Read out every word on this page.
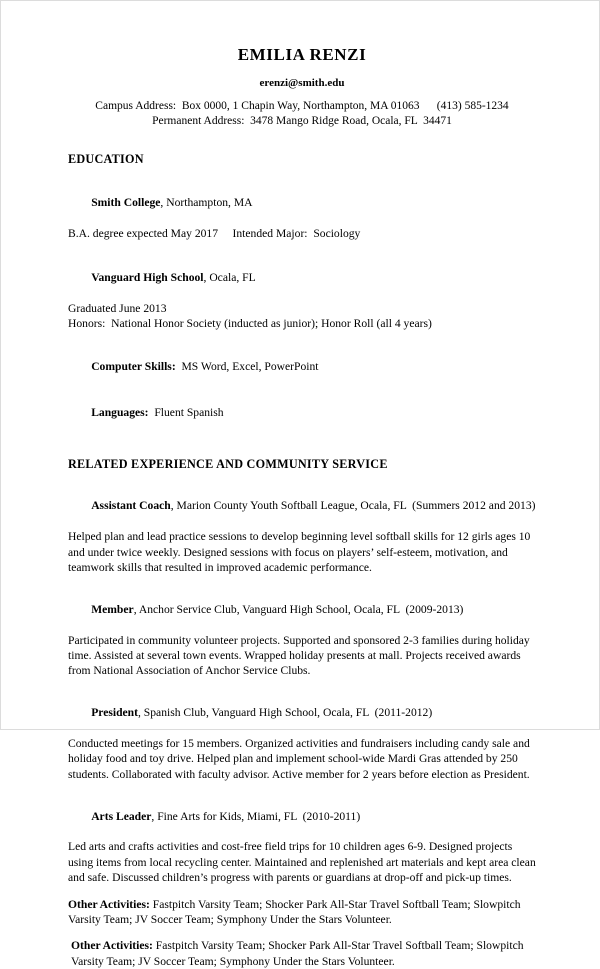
EMILIA RENZI
erenzi@smith.edu
Campus Address:  Box 0000, 1 Chapin Way, Northampton, MA 01063      (413) 585-1234
Permanent Address:  3478 Mango Ridge Road, Ocala, FL  34471
EDUCATION

Smith College, Northampton, MA

B.A. degree expected May 2017     Intended Major:  Sociology

Vanguard High School, Ocala, FL

Graduated June 2013
Honors:  National Honor Society (inducted as junior); Honor Roll (all 4 years)

Computer Skills:  MS Word, Excel, PowerPoint

Languages:  Fluent Spanish

RELATED EXPERIENCE AND COMMUNITY SERVICE

Assistant Coach, Marion County Youth Softball League, Ocala, FL  (Summers 2012 and 2013)

Helped plan and lead practice sessions to develop beginning level softball skills for 12 girls ages 10 and under twice weekly. Designed sessions with focus on players’ self-esteem, motivation, and teamwork skills that resulted in improved academic performance.

Member, Anchor Service Club, Vanguard High School, Ocala, FL  (2009-2013)

Participated in community volunteer projects. Supported and sponsored 2-3 families during holiday time. Assisted at several town events. Wrapped holiday presents at mall. Projects received awards from National Association of Anchor Service Clubs.

President, Spanish Club, Vanguard High School, Ocala, FL  (2011-2012)

Conducted meetings for 15 members. Organized activities and fundraisers including candy sale and holiday food and toy drive. Helped plan and implement school-wide Mardi Gras attended by 250 students. Collaborated with faculty advisor. Active member for 2 years before election as President.

Arts Leader, Fine Arts for Kids, Miami, FL  (2010-2011)

Led arts and crafts activities and cost-free field trips for 10 children ages 6-9. Designed projects using items from local recycling center. Maintained and replenished art materials and kept area clean and safe. Discussed children’s progress with parents or guardians at drop-off and pick-up times.
Other Activities: Fastpitch Varsity Team; Shocker Park All-Star Travel Softball Team; Slowpitch Varsity Team; JV Soccer Team; Symphony Under the Stars Volunteer.
Other Activities: Fastpitch Varsity Team; Shocker Park All-Star Travel Softball Team; Slowpitch Varsity Team; JV Soccer Team; Symphony Under the Stars Volunteer.
